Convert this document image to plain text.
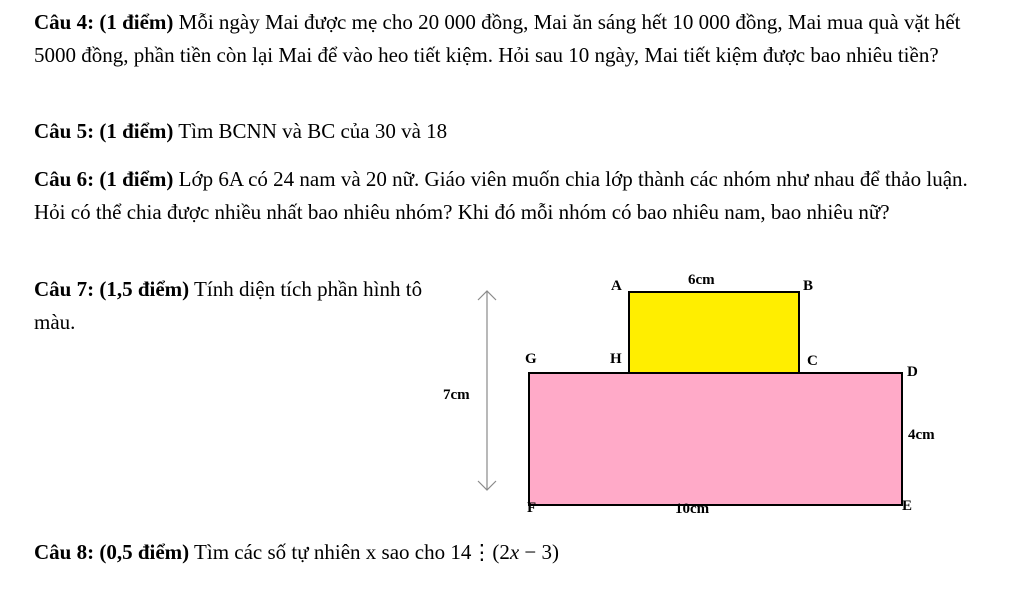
Câu 4: (1 điểm) Mỗi ngày Mai được mẹ cho 20 000 đồng, Mai ăn sáng hết 10 000 đồng, Mai mua quà vặt hết 5000 đồng, phần tiền còn lại Mai để vào heo tiết kiệm. Hỏi sau 10 ngày, Mai tiết kiệm được bao nhiêu tiền?

Câu 5: (1 điểm) Tìm BCNN và BC của 30 và 18

Câu 6: (1 điểm) Lớp 6A có 24 nam và 20 nữ. Giáo viên muốn chia lớp thành các nhóm như nhau để thảo luận. Hỏi có thể chia được nhiều nhất bao nhiêu nhóm? Khi đó mỗi nhóm có bao nhiêu nam, bao nhiêu nữ?

Câu 7: (1,5 điểm) Tính diện tích phần hình tô màu.

A	B
H	C
G
D
F	E
6cm
7cm
4cm
10cm

Câu 8: (0,5 điểm) Tìm các số tự nhiên x sao cho 14⋮(2x − 3)
